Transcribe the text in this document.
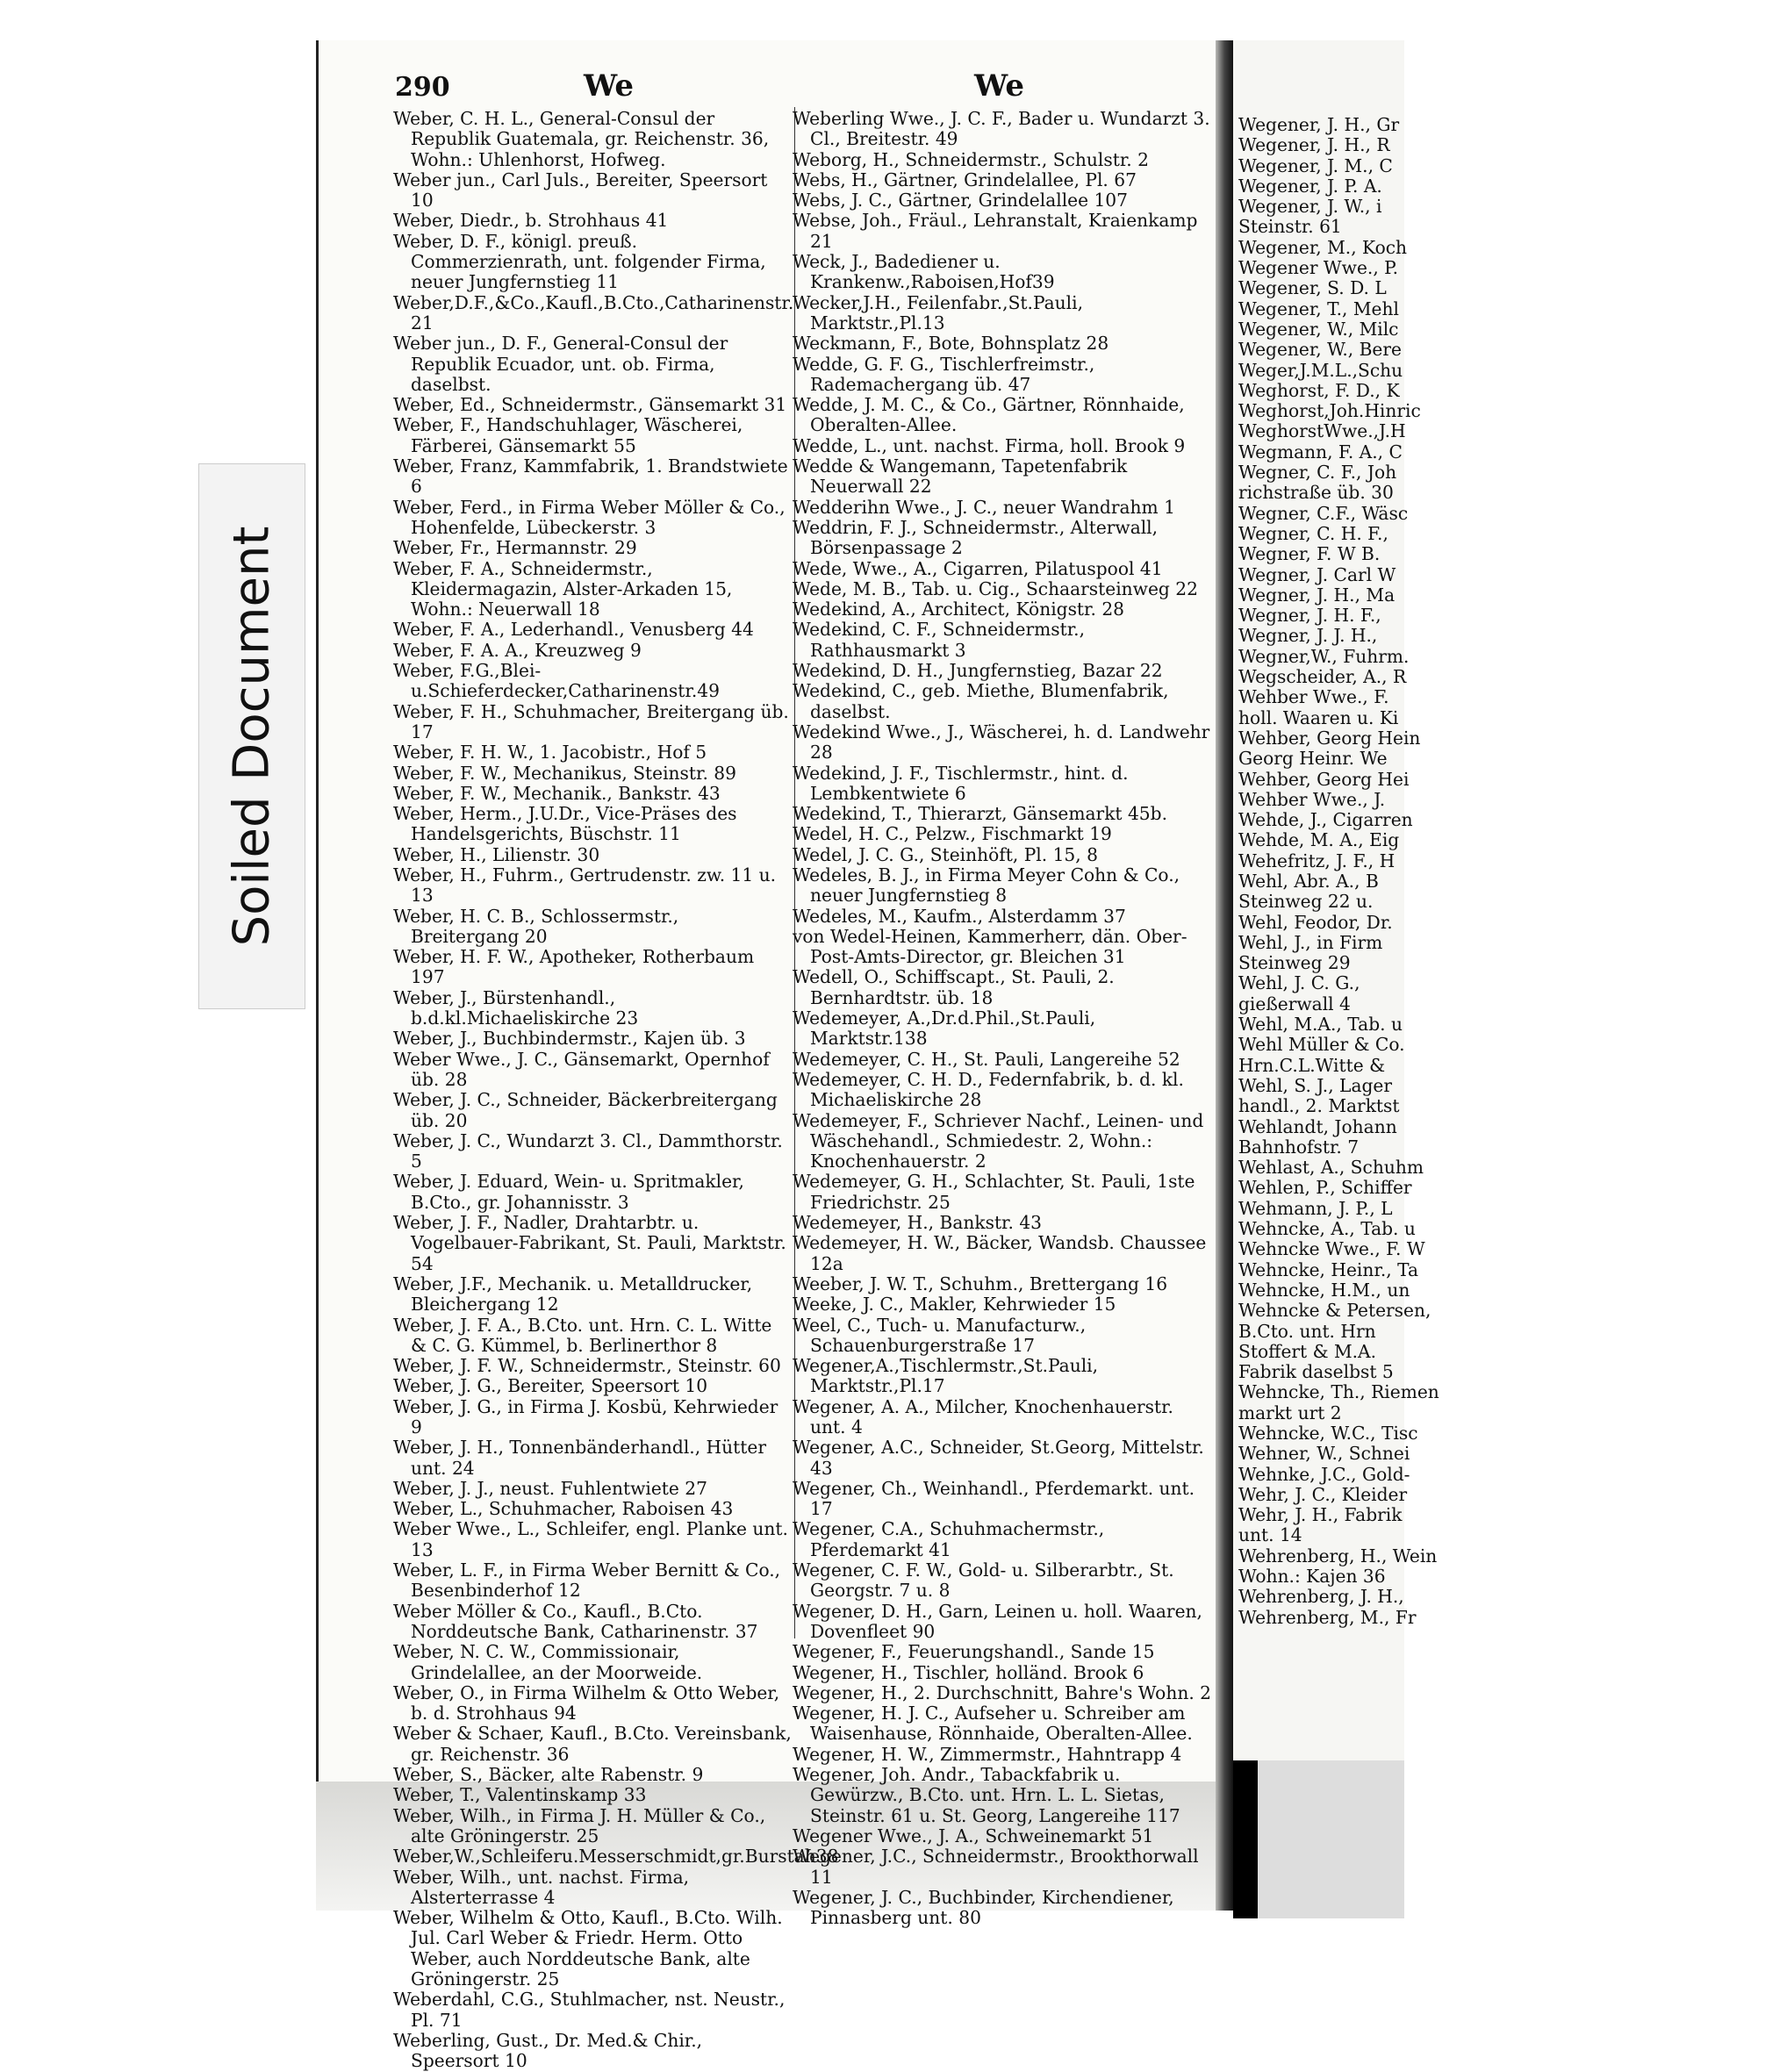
Soiled Document
290	We	We
Weber, C. H. L., General-Consul der Republik Guatemala, gr. Reichenstr. 36, Wohn.: Uhlenhorst, Hofweg.
Weber jun., Carl Juls., Bereiter, Speersort 10
Weber, Diedr., b. Strohhaus 41
Weber, D. F., königl. preuß. Commerzienrath, unt. folgender Firma, neuer Jungfernstieg 11
Weber,D.F.,&Co.,Kaufl.,B.Cto.,Catharinenstr. 21
Weber jun., D. F., General-Consul der Republik Ecuador, unt. ob. Firma, daselbst.
Weber, Ed., Schneidermstr., Gänsemarkt 31
Weber, F., Handschuhlager, Wäscherei, Färberei, Gänsemarkt 55
Weber, Franz, Kammfabrik, 1. Brandstwiete 6
Weber, Ferd., in Firma Weber Möller & Co., Hohenfelde, Lübeckerstr. 3
Weber, Fr., Hermannstr. 29
Weber, F. A., Schneidermstr., Kleidermagazin, Alster-Arkaden 15, Wohn.: Neuerwall 18
Weber, F. A., Lederhandl., Venusberg 44
Weber, F. A. A., Kreuzweg 9
Weber, F.G.,Blei-u.Schieferdecker,Catharinenstr.49
Weber, F. H., Schuhmacher, Breitergang üb. 17
Weber, F. H. W., 1. Jacobistr., Hof 5
Weber, F. W., Mechanikus, Steinstr. 89
Weber, F. W., Mechanik., Bankstr. 43
Weber, Herm., J.U.Dr., Vice-Präses des Handelsgerichts, Büschstr. 11
Weber, H., Lilienstr. 30
Weber, H., Fuhrm., Gertrudenstr. zw. 11 u. 13
Weber, H. C. B., Schlossermstr., Breitergang 20
Weber, H. F. W., Apotheker, Rotherbaum 197
Weber, J., Bürstenhandl., b.d.kl.Michaeliskirche 23
Weber, J., Buchbindermstr., Kajen üb. 3
Weber Wwe., J. C., Gänsemarkt, Opernhof üb. 28
Weber, J. C., Schneider, Bäckerbreitergang üb. 20
Weber, J. C., Wundarzt 3. Cl., Dammthorstr. 5
Weber, J. Eduard, Wein- u. Spritmakler, B.Cto., gr. Johannisstr. 3
Weber, J. F., Nadler, Drahtarbtr. u. Vogelbauer-Fabrikant, St. Pauli, Marktstr. 54
Weber, J.F., Mechanik. u. Metalldrucker, Bleichergang 12
Weber, J. F. A., B.Cto. unt. Hrn. C. L. Witte & C. G. Kümmel, b. Berlinerthor 8
Weber, J. F. W., Schneidermstr., Steinstr. 60
Weber, J. G., Bereiter, Speersort 10
Weber, J. G., in Firma J. Kosbü, Kehrwieder 9
Weber, J. H., Tonnenbänderhandl., Hütter unt. 24
Weber, J. J., neust. Fuhlentwiete 27
Weber, L., Schuhmacher, Raboisen 43
Weber Wwe., L., Schleifer, engl. Planke unt. 13
Weber, L. F., in Firma Weber Bernitt & Co., Besenbinderhof 12
Weber Möller & Co., Kaufl., B.Cto. Norddeutsche Bank, Catharinenstr. 37
Weber, N. C. W., Commissionair, Grindelallee, an der Moorweide.
Weber, O., in Firma Wilhelm & Otto Weber, b. d. Strohhaus 94
Weber & Schaer, Kaufl., B.Cto. Vereinsbank, gr. Reichenstr. 36
Weber, S., Bäcker, alte Rabenstr. 9
Weber, T., Valentinskamp 33
Weber, Wilh., in Firma J. H. Müller & Co., alte Gröningerstr. 25
Weber,W.,Schleiferu.Messerschmidt,gr.Burstah38
Weber, Wilh., unt. nachst. Firma, Alsterterrasse 4
Weber, Wilhelm & Otto, Kaufl., B.Cto. Wilh. Jul. Carl Weber & Friedr. Herm. Otto Weber, auch Norddeutsche Bank, alte Gröningerstr. 25
Weberdahl, C.G., Stuhlmacher, nst. Neustr., Pl. 71
Weberling, Gust., Dr. Med.& Chir., Speersort 10
Weberling Wwe., J. C. F., Bader u. Wundarzt 3. Cl., Breitestr. 49
Weborg, H., Schneidermstr., Schulstr. 2
Webs, H., Gärtner, Grindelallee, Pl. 67
Webs, J. C., Gärtner, Grindelallee 107
Webse, Joh., Fräul., Lehranstalt, Kraienkamp 21
Weck, J., Badediener u. Krankenw.,Raboisen,Hof39
Wecker,J.H., Feilenfabr.,St.Pauli, Marktstr.,Pl.13
Weckmann, F., Bote, Bohnsplatz 28
Wedde, G. F. G., Tischlerfreimstr., Rademachergang üb. 47
Wedde, J. M. C., & Co., Gärtner, Rönnhaide, Oberalten-Allee.
Wedde, L., unt. nachst. Firma, holl. Brook 9
Wedde & Wangemann, Tapetenfabrik Neuerwall 22
Wedderihn Wwe., J. C., neuer Wandrahm 1
Weddrin, F. J., Schneidermstr., Alterwall, Börsenpassage 2
Wede, Wwe., A., Cigarren, Pilatuspool 41
Wede, M. B., Tab. u. Cig., Schaarsteinweg 22
Wedekind, A., Architect, Königstr. 28
Wedekind, C. F., Schneidermstr., Rathhausmarkt 3
Wedekind, D. H., Jungfernstieg, Bazar 22
Wedekind, C., geb. Miethe, Blumenfabrik, daselbst.
Wedekind Wwe., J., Wäscherei, h. d. Landwehr 28
Wedekind, J. F., Tischlermstr., hint. d. Lembkentwiete 6
Wedekind, T., Thierarzt, Gänsemarkt 45b.
Wedel, H. C., Pelzw., Fischmarkt 19
Wedel, J. C. G., Steinhöft, Pl. 15, 8
Wedeles, B. J., in Firma Meyer Cohn & Co., neuer Jungfernstieg 8
Wedeles, M., Kaufm., Alsterdamm 37
von Wedel-Heinen, Kammerherr, dän. Ober-Post-Amts-Director, gr. Bleichen 31
Wedell, O., Schiffscapt., St. Pauli, 2. Bernhardtstr. üb. 18
Wedemeyer, A.,Dr.d.Phil.,St.Pauli, Marktstr.138
Wedemeyer, C. H., St. Pauli, Langereihe 52
Wedemeyer, C. H. D., Federnfabrik, b. d. kl. Michaeliskirche 28
Wedemeyer, F., Schriever Nachf., Leinen- und Wäschehandl., Schmiedestr. 2, Wohn.: Knochenhauerstr. 2
Wedemeyer, G. H., Schlachter, St. Pauli, 1ste Friedrichstr. 25
Wedemeyer, H., Bankstr. 43
Wedemeyer, H. W., Bäcker, Wandsb. Chaussee 12a
Weeber, J. W. T., Schuhm., Brettergang 16
Weeke, J. C., Makler, Kehrwieder 15
Weel, C., Tuch- u. Manufacturw., Schauenburgerstraße 17
Wegener,A.,Tischlermstr.,St.Pauli, Marktstr.,Pl.17
Wegener, A. A., Milcher, Knochenhauerstr. unt. 4
Wegener, A.C., Schneider, St.Georg, Mittelstr. 43
Wegener, Ch., Weinhandl., Pferdemarkt. unt. 17
Wegener, C.A., Schuhmachermstr., Pferdemarkt 41
Wegener, C. F. W., Gold- u. Silberarbtr., St. Georgstr. 7 u. 8
Wegener, D. H., Garn, Leinen u. holl. Waaren, Dovenfleet 90
Wegener, F., Feuerungshandl., Sande 15
Wegener, H., Tischler, holländ. Brook 6
Wegener, H., 2. Durchschnitt, Bahre's Wohn. 2
Wegener, H. J. C., Aufseher u. Schreiber am Waisenhause, Rönnhaide, Oberalten-Allee.
Wegener, H. W., Zimmermstr., Hahntrapp 4
Wegener, Joh. Andr., Tabackfabrik u. Gewürzw., B.Cto. unt. Hrn. L. L. Sietas, Steinstr. 61 u. St. Georg, Langereihe 117
Wegener Wwe., J. A., Schweinemarkt 51
Wegener, J.C., Schneidermstr., Brookthorwall 11
Wegener, J. C., Buchbinder, Kirchendiener, Pinnasberg unt. 80
Wegener, J. H., Gr
Wegener, J. H., R
Wegener, J. M., C
Wegener, J. P. A.
Wegener, J. W., i
Steinstr. 61
Wegener, M., Koch
Wegener Wwe., P.
Wegener, S. D. L
Wegener, T., Mehl
Wegener, W., Milc
Wegener, W., Bere
Weger,J.M.L.,Schu
Weghorst, F. D., K
Weghorst,Joh.Hinric
WeghorstWwe.,J.H
Wegmann, F. A., C
Wegner, C. F., Joh
richstraße üb. 30
Wegner, C.F., Wäsc
Wegner, C. H. F.,
Wegner, F. W B.
Wegner, J. Carl W
Wegner, J. H., Ma
Wegner, J. H. F.,
Wegner, J. J. H.,
Wegner,W., Fuhrm.
Wegscheider, A., R
Wehber Wwe., F.
holl. Waaren u. Ki
Wehber, Georg Hein
Georg Heinr. We
Wehber, Georg Hei
Wehber Wwe., J.
Wehde, J., Cigarren
Wehde, M. A., Eig
Wehefritz, J. F., H
Wehl, Abr. A., B
Steinweg 22 u.
Wehl, Feodor, Dr.
Wehl, J., in Firm
Steinweg 29
Wehl, J. C. G.,
gießerwall 4
Wehl, M.A., Tab. u
Wehl Müller & Co.
Hrn.C.L.Witte &
Wehl, S. J., Lager
handl., 2. Marktst
Wehlandt, Johann
Bahnhofstr. 7
Wehlast, A., Schuhm
Wehlen, P., Schiffer
Wehmann, J. P., L
Wehncke, A., Tab. u
Wehncke Wwe., F. W
Wehncke, Heinr., Ta
Wehncke, H.M., un
Wehncke & Petersen,
B.Cto. unt. Hrn
Stoffert & M.A.
Fabrik daselbst 5
Wehncke, Th., Riemen
markt urt 2
Wehncke, W.C., Tisc
Wehner, W., Schnei
Wehnke, J.C., Gold-
Wehr, J. C., Kleider
Wehr, J. H., Fabrik
unt. 14
Wehrenberg, H., Wein
Wohn.: Kajen 36
Wehrenberg, J. H.,
Wehrenberg, M., Fr
